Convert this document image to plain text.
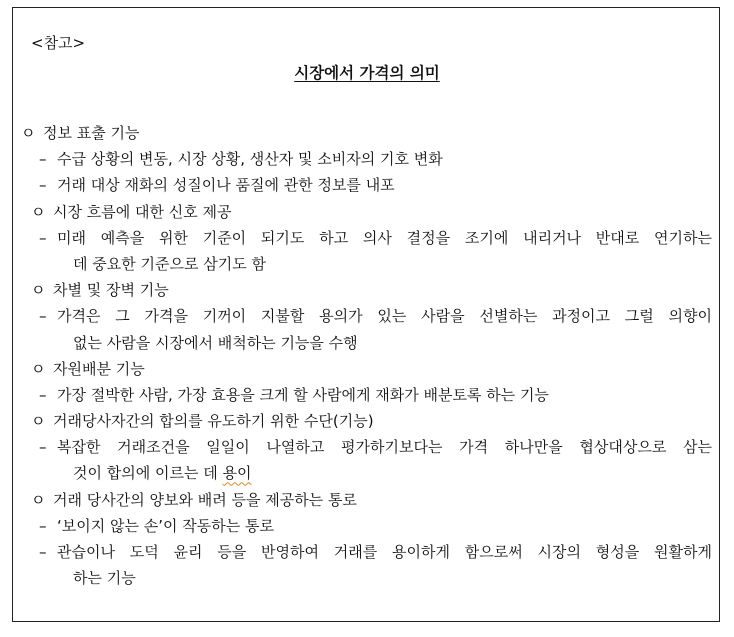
<참고>
시장에서 가격의 의미
ㅇ 정보 표출 기능
– 수급 상황의 변동, 시장 상황, 생산자 및 소비자의 기호 변화
– 거래 대상 재화의 성질이나 품질에 관한 정보를 내포
ㅇ 시장 흐름에 대한 신호 제공
– 미래 예측을 위한 기준이 되기도 하고 의사 결정을 조기에 내리거나 반대로 연기하는
데 중요한 기준으로 삼기도 함
ㅇ 차별 및 장벽 기능
– 가격은 그 가격을 기꺼이 지불할 용의가 있는 사람을 선별하는 과정이고 그럴 의향이
없는 사람을 시장에서 배척하는 기능을 수행
ㅇ 자원배분 기능
– 가장 절박한 사람, 가장 효용을 크게 할 사람에게 재화가 배분토록 하는 기능
ㅇ 거래당사자간의 합의를 유도하기 위한 수단(기능)
– 복잡한 거래조건을 일일이 나열하고 평가하기보다는 가격 하나만을 협상대상으로 삼는
것이 합의에 이르는 데 용이
ㅇ 거래 당사간의 양보와 배려 등을 제공하는 통로
– ‘보이지 않는 손’이 작동하는 통로
– 관습이나 도덕 윤리 등을 반영하여 거래를 용이하게 함으로써 시장의 형성을 원활하게
하는 기능
